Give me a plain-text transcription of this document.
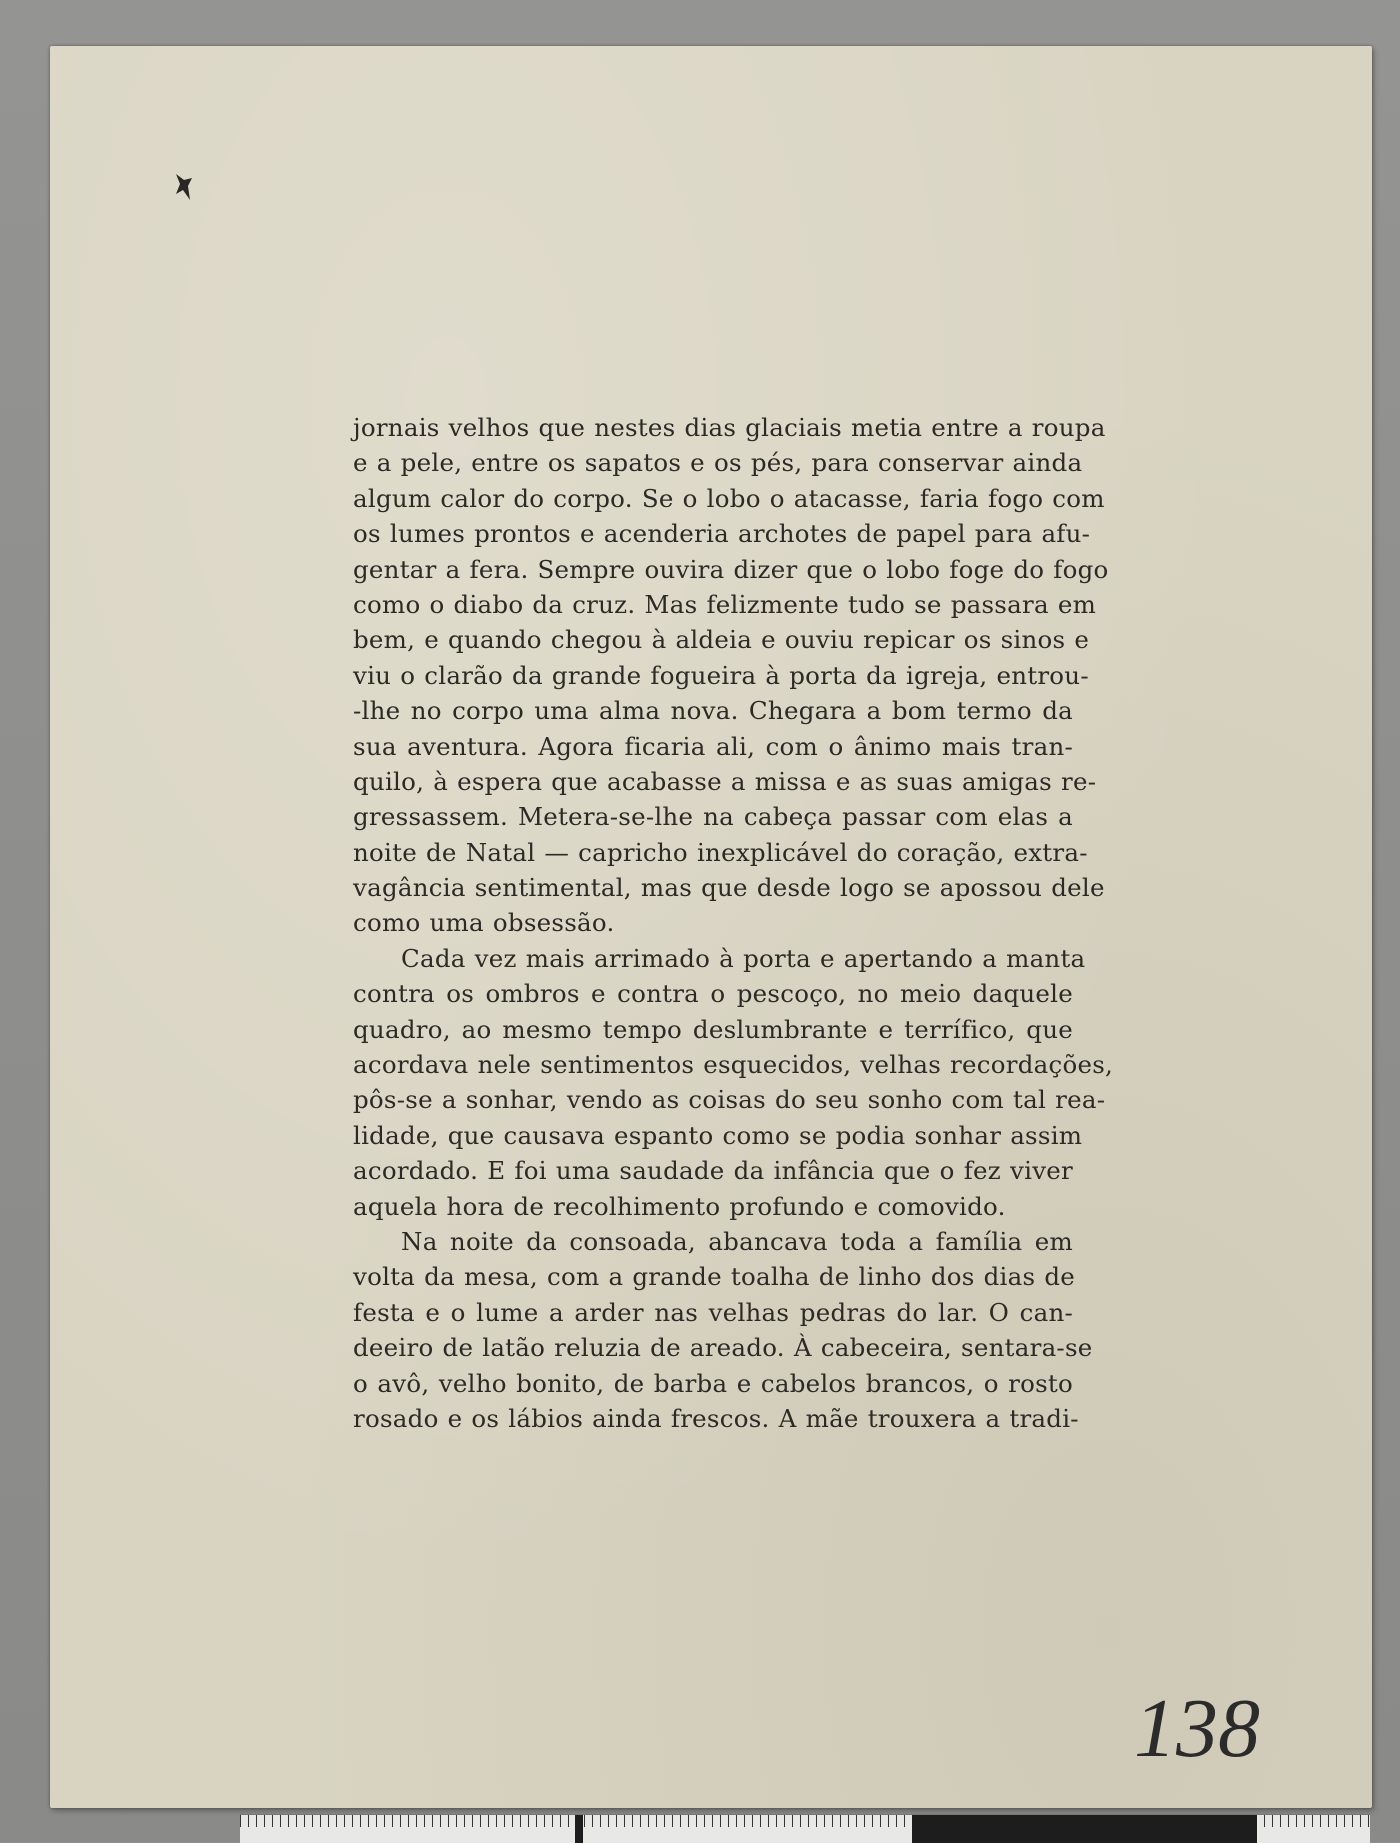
jornais velhos que nestes dias glaciais metia entre a roupa
e a pele, entre os sapatos e os pés, para conservar ainda
algum calor do corpo. Se o lobo o atacasse, faria fogo com
os lumes prontos e acenderia archotes de papel para afu-
gentar a fera. Sempre ouvira dizer que o lobo foge do fogo
como o diabo da cruz. Mas felizmente tudo se passara em
bem, e quando chegou à aldeia e ouviu repicar os sinos e
viu o clarão da grande fogueira à porta da igreja, entrou-
-lhe no corpo uma alma nova. Chegara a bom termo da
sua aventura. Agora ficaria ali, com o ânimo mais tran-
quilo, à espera que acabasse a missa e as suas amigas re-
gressassem. Metera-se-lhe na cabeça passar com elas a
noite de Natal — capricho inexplicável do coração, extra-
vagância sentimental, mas que desde logo se apossou dele
como uma obsessão.
Cada vez mais arrimado à porta e apertando a manta
contra os ombros e contra o pescoço, no meio daquele
quadro, ao mesmo tempo deslumbrante e terrífico, que
acordava nele sentimentos esquecidos, velhas recordações,
pôs-se a sonhar, vendo as coisas do seu sonho com tal rea-
lidade, que causava espanto como se podia sonhar assim
acordado. E foi uma saudade da infância que o fez viver
aquela hora de recolhimento profundo e comovido.
Na noite da consoada, abancava toda a família em
volta da mesa, com a grande toalha de linho dos dias de
festa e o lume a arder nas velhas pedras do lar. O can-
deeiro de latão reluzia de areado. À cabeceira, sentara-se
o avô, velho bonito, de barba e cabelos brancos, o rosto
rosado e os lábios ainda frescos. A mãe trouxera a tradi-
138
